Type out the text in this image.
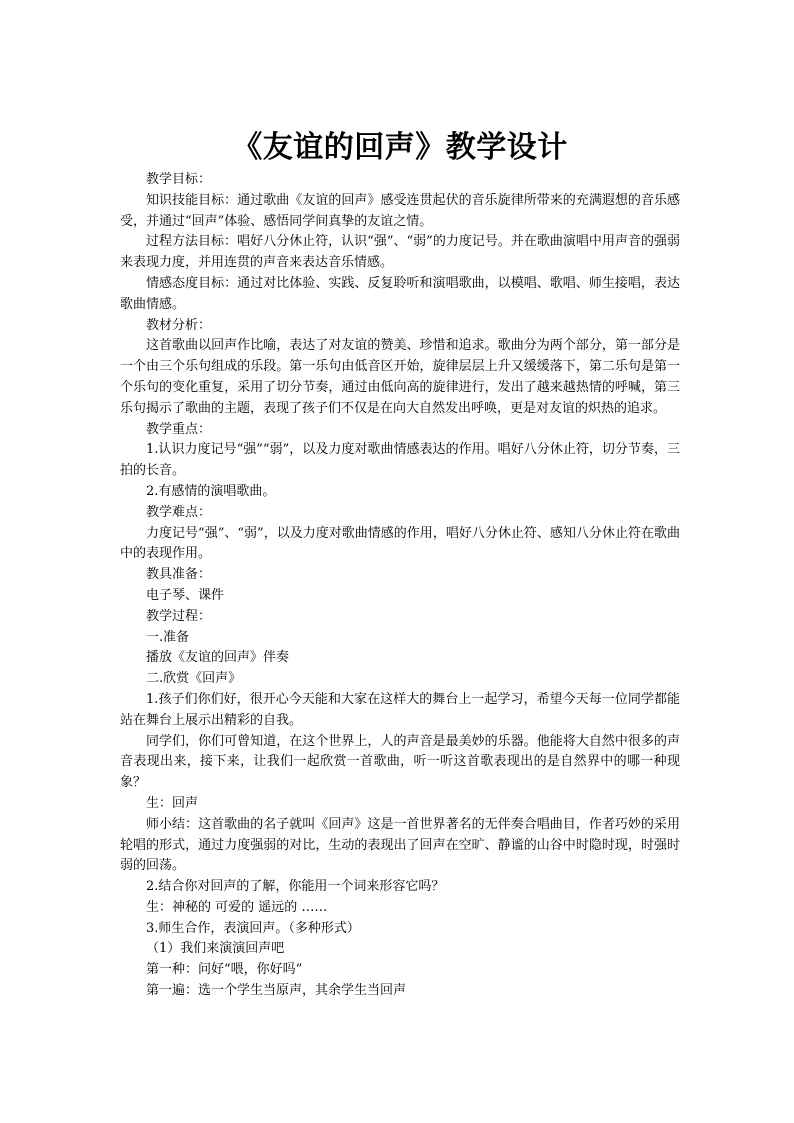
《友谊的回声》教学设计

教学目标：

知识技能目标：通过歌曲《友谊的回声》感受连贯起伏的音乐旋律所带来的充满遐想的音乐感受，并通过“回声”体验、感悟同学间真挚的友谊之情。

过程方法目标：唱好八分休止符，认识“强”、“弱”的力度记号。并在歌曲演唱中用声音的强弱来表现力度，并用连贯的声音来表达音乐情感。

情感态度目标：通过对比体验、实践、反复聆听和演唱歌曲，以模唱、歌唱、师生接唱，表达歌曲情感。

教材分析：

这首歌曲以回声作比喻，表达了对友谊的赞美、珍惜和追求。歌曲分为两个部分，第一部分是一个由三个乐句组成的乐段。第一乐句由低音区开始，旋律层层上升又缓缓落下，第二乐句是第一个乐句的变化重复，采用了切分节奏，通过由低向高的旋律进行，发出了越来越热情的呼喊，第三乐句揭示了歌曲的主题，表现了孩子们不仅是在向大自然发出呼唤，更是对友谊的炽热的追求。

教学重点：

1.认识力度记号“强”“弱”，以及力度对歌曲情感表达的作用。唱好八分休止符，切分节奏，三拍的长音。

2.有感情的演唱歌曲。

教学难点：

力度记号“强”、“弱”，以及力度对歌曲情感的作用，唱好八分休止符、感知八分休止符在歌曲中的表现作用。

教具准备：

电子琴、课件

教学过程：

一.准备

播放《友谊的回声》伴奏

二.欣赏《回声》

1.孩子们你们好，很开心今天能和大家在这样大的舞台上一起学习，希望今天每一位同学都能站在舞台上展示出精彩的自我。

同学们，你们可曾知道，在这个世界上，人的声音是最美妙的乐器。他能将大自然中很多的声音表现出来，接下来，让我们一起欣赏一首歌曲，听一听这首歌表现出的是自然界中的哪一种现象？

生：回声

师小结：这首歌曲的名子就叫《回声》这是一首世界著名的无伴奏合唱曲目，作者巧妙的采用轮唱的形式，通过力度强弱的对比，生动的表现出了回声在空旷、静谧的山谷中时隐时现，时强时弱的回荡。

2.结合你对回声的了解，你能用一个词来形容它吗？

生：神秘的 可爱的 遥远的 ……

3.师生合作，表演回声。（多种形式）

（1）我们来演演回声吧

第一种：问好“喂，你好吗”

第一遍：选一个学生当原声，其余学生当回声
